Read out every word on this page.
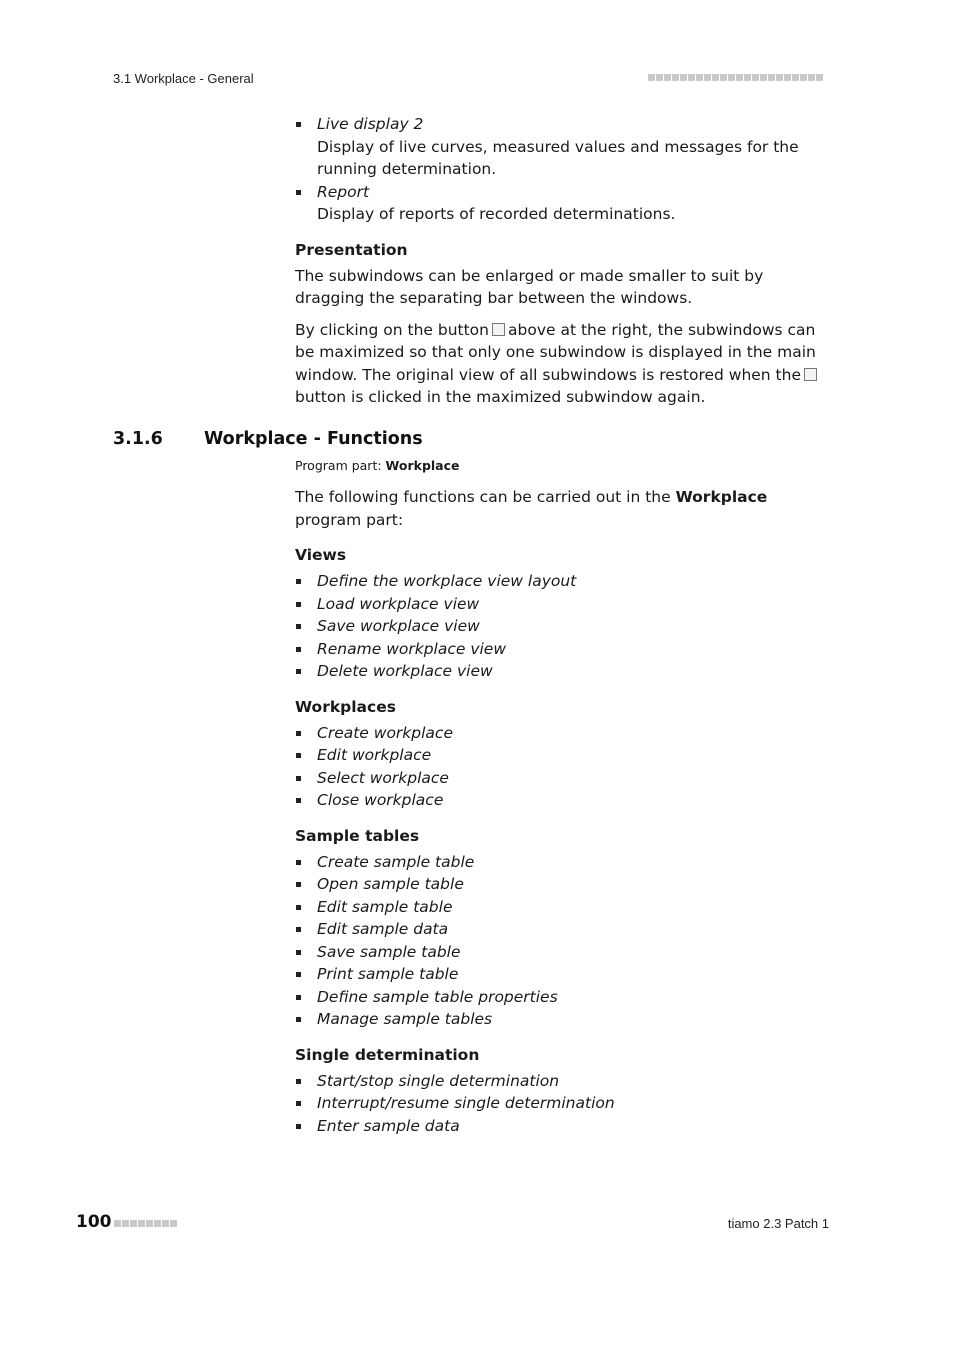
3.1 Workplace - General
Live display 2
Display of live curves, measured values and messages for the running determination.
Report
Display of reports of recorded determinations.
Presentation

The subwindows can be enlarged or made smaller to suit by dragging the separating bar between the windows.

By clicking on the button above at the right, the subwindows can be maximized so that only one subwindow is displayed in the main window. The original view of all subwindows is restored when thebutton is clicked in the maximized subwindow again.

3.1.6 Workplace - Functions
Program part: Workplace

The following functions can be carried out in the Workplace program part:

Views
Define the workplace view layout
Load workplace view
Save workplace view
Rename workplace view
Delete workplace view
Workplaces
Create workplace
Edit workplace
Select workplace
Close workplace
Sample tables
Create sample table
Open sample table
Edit sample table
Edit sample data
Save sample table
Print sample table
Define sample table properties
Manage sample tables
Single determination
Start/stop single determination
Interrupt/resume single determination
Enter sample data
100	tiamo 2.3 Patch 1
